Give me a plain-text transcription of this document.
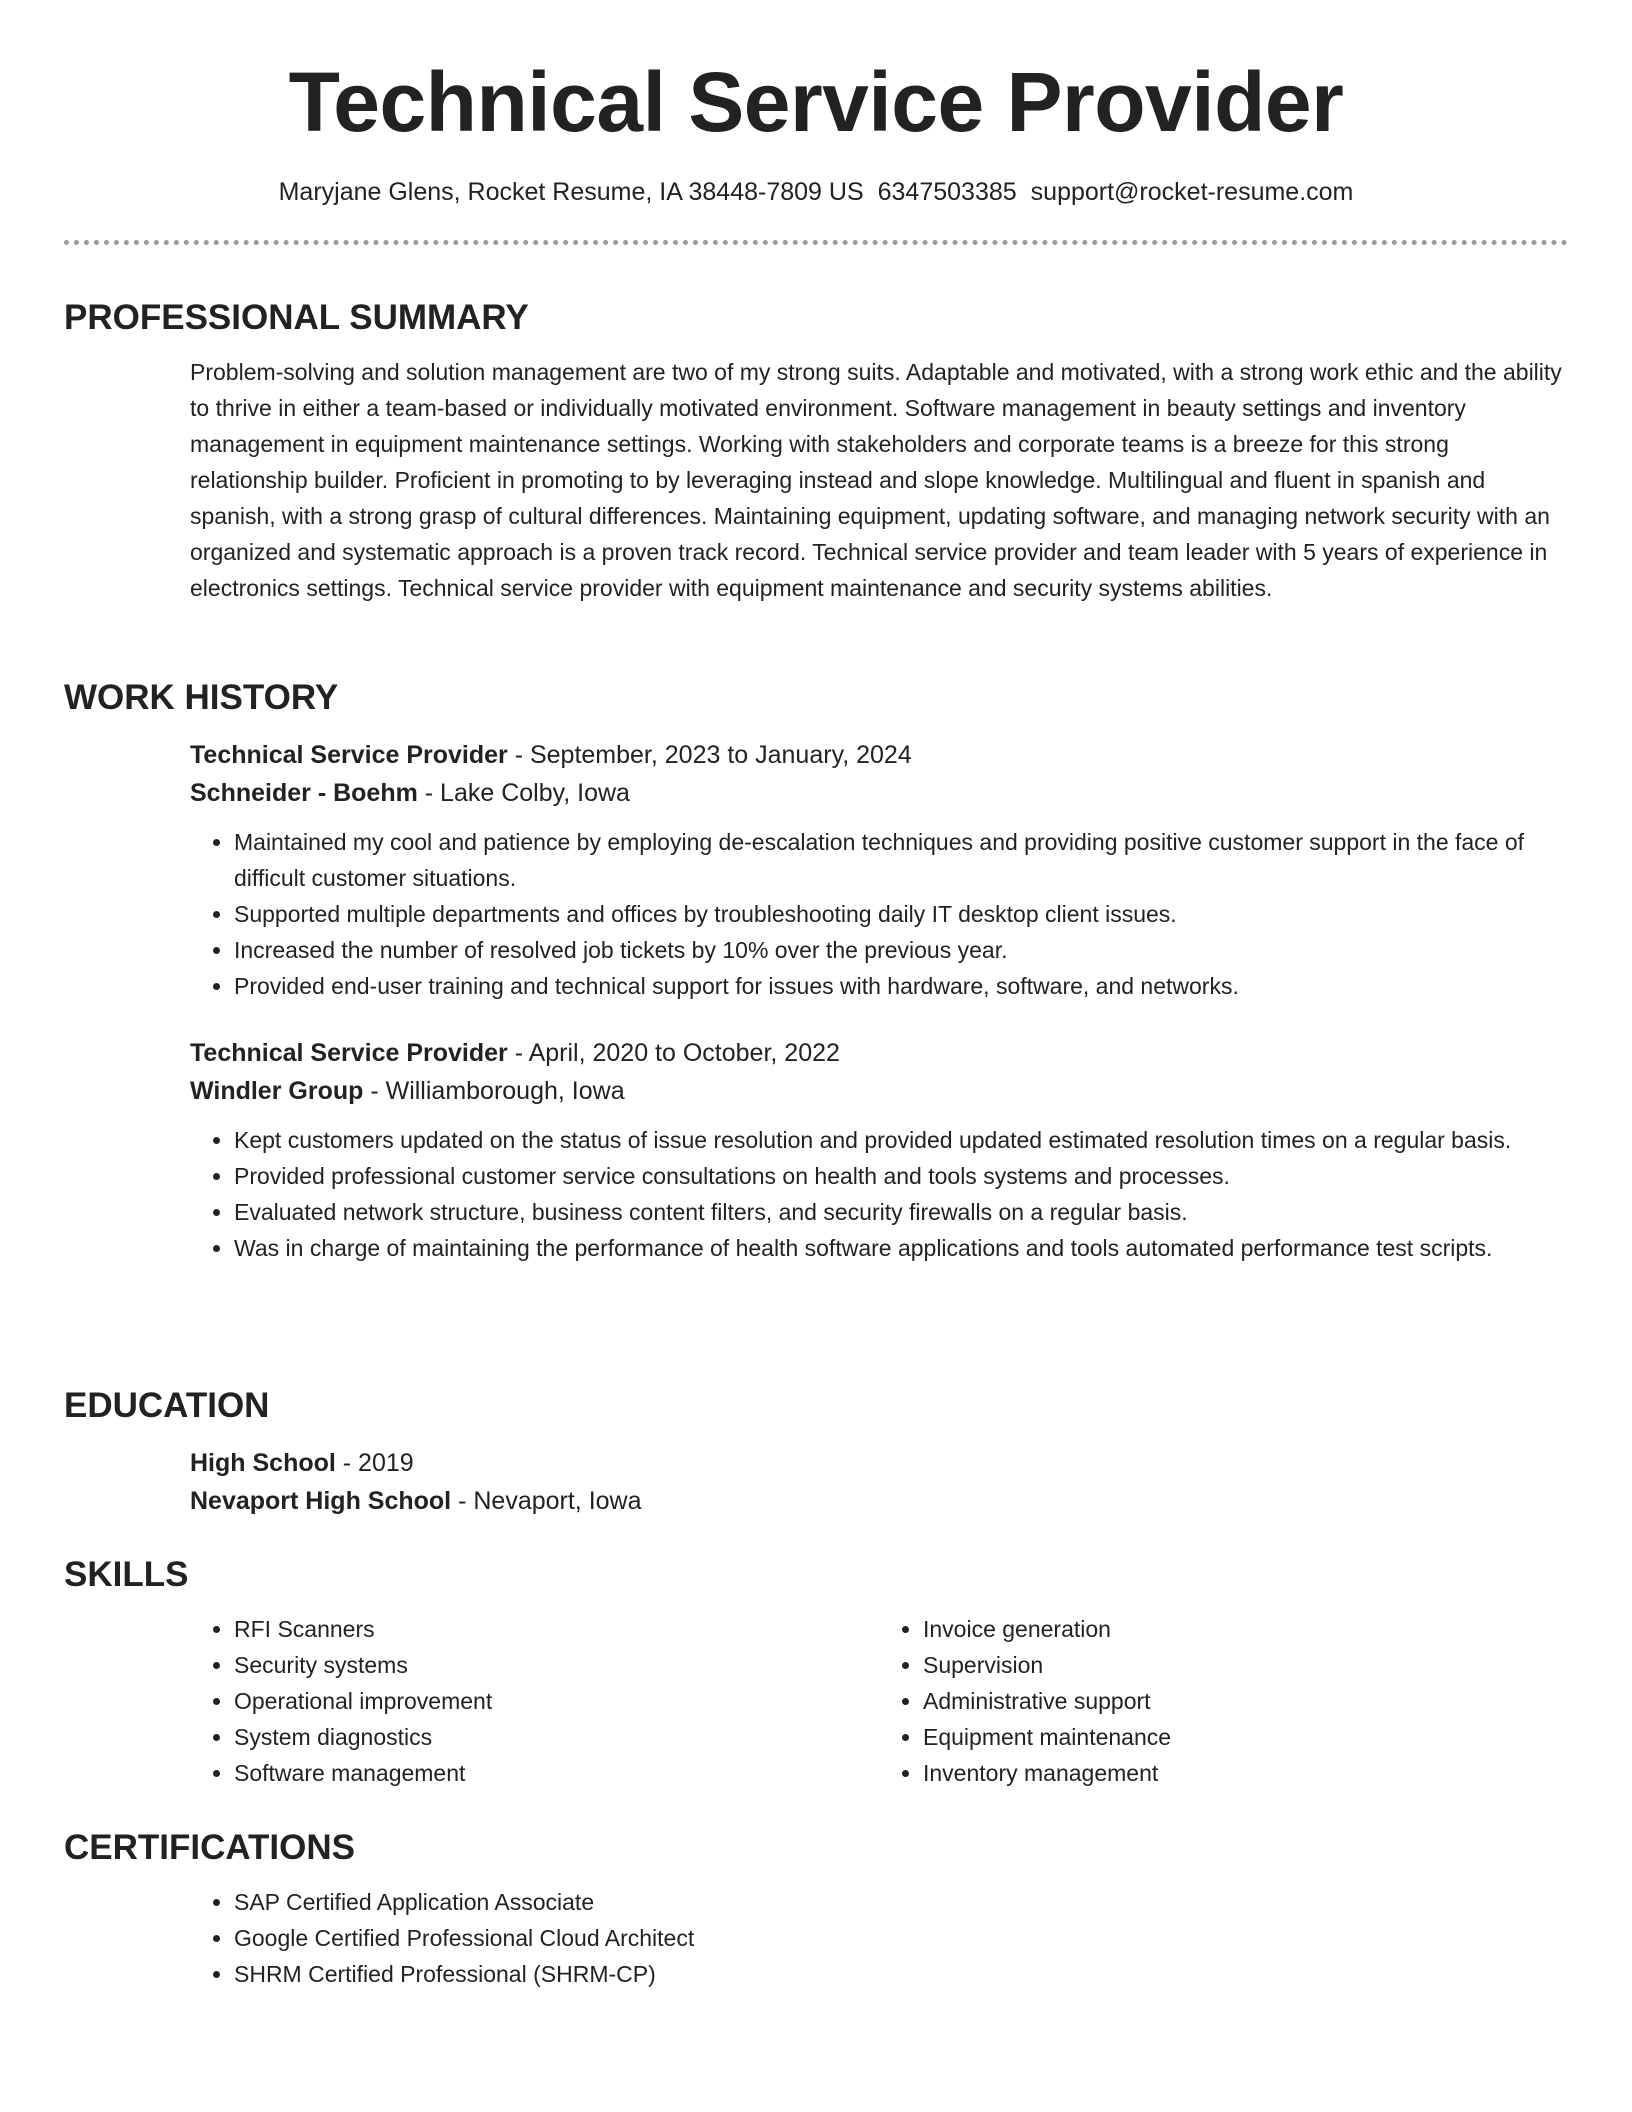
Technical Service Provider
Maryjane Glens, Rocket Resume, IA 38448-7809 US 6347503385 support@rocket-resume.com
PROFESSIONAL SUMMARY

Problem-solving and solution management are two of my strong suits. Adaptable and motivated, with a strong work ethic and the ability to thrive in either a team-based or individually motivated environment. Software management in beauty settings and inventory management in equipment maintenance settings. Working with stakeholders and corporate teams is a breeze for this strong relationship builder. Proficient in promoting to by leveraging instead and slope knowledge. Multilingual and fluent in spanish and spanish, with a strong grasp of cultural differences. Maintaining equipment, updating software, and managing network security with an organized and systematic approach is a proven track record. Technical service provider and team leader with 5 years of experience in electronics settings. Technical service provider with equipment maintenance and security systems abilities.

WORK HISTORY

Technical Service Provider - September, 2023 to January, 2024

Schneider - Boehm - Lake Colby, Iowa

• Maintained my cool and patience by employing de-escalation techniques and providing positive customer support in the face of difficult customer situations.
• Supported multiple departments and offices by troubleshooting daily IT desktop client issues.
• Increased the number of resolved job tickets by 10% over the previous year.
• Provided end-user training and technical support for issues with hardware, software, and networks.

Technical Service Provider - April, 2020 to October, 2022

Windler Group - Williamborough, Iowa

• Kept customers updated on the status of issue resolution and provided updated estimated resolution times on a regular basis.
• Provided professional customer service consultations on health and tools systems and processes.
• Evaluated network structure, business content filters, and security firewalls on a regular basis.
• Was in charge of maintaining the performance of health software applications and tools automated performance test scripts.
EDUCATION

High School - 2019

Nevaport High School - Nevaport, Iowa

SKILLS
• RFI Scanners
• Security systems
• Operational improvement
• System diagnostics
• Software management
• Invoice generation
• Supervision
• Administrative support
• Equipment maintenance
• Inventory management
CERTIFICATIONS
• SAP Certified Application Associate
• Google Certified Professional Cloud Architect
• SHRM Certified Professional (SHRM-CP)
